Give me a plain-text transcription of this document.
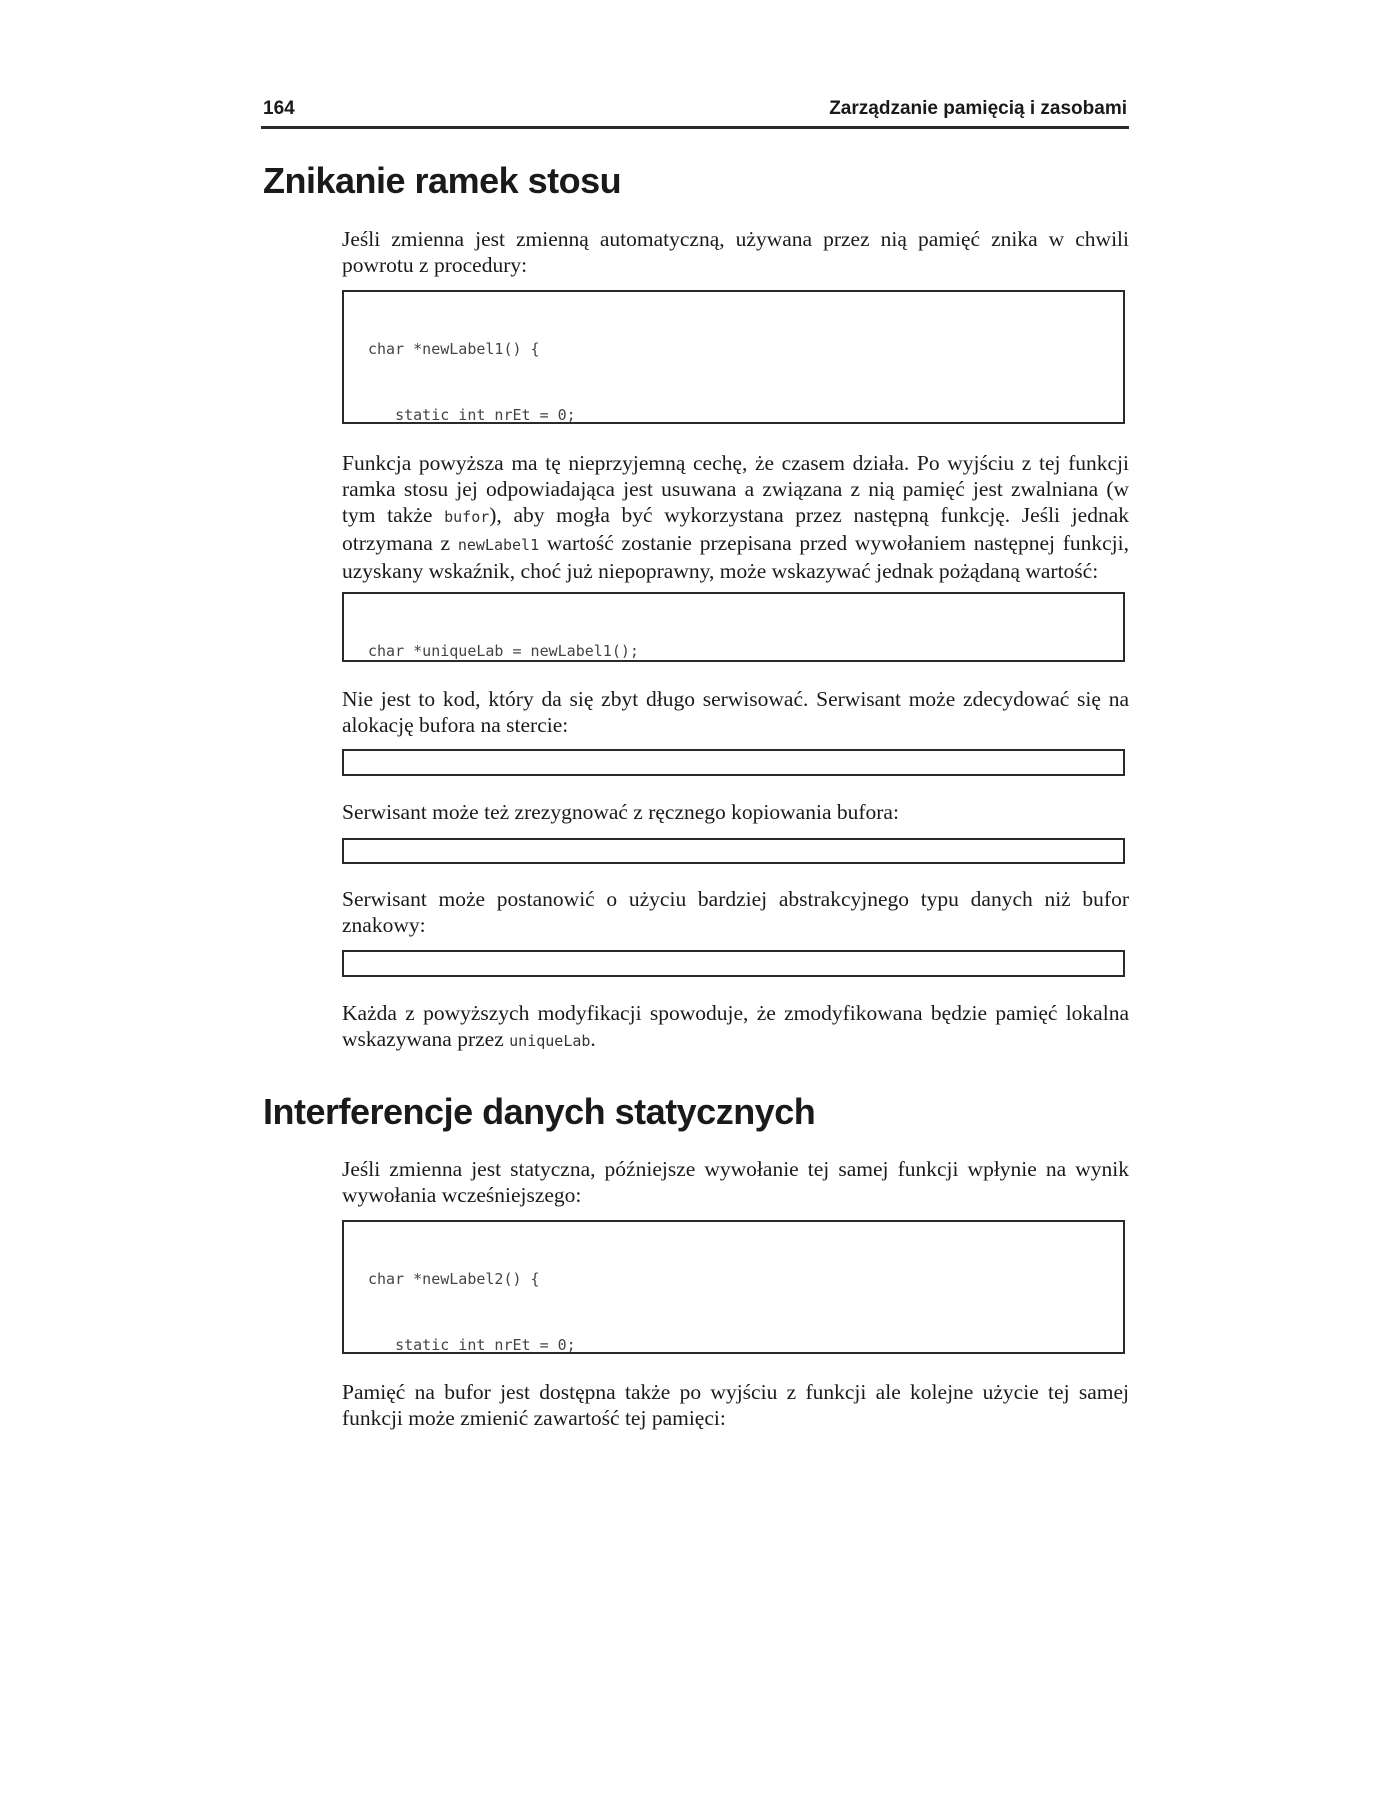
164	Zarządzanie pamięcią i zasobami
Znikanie ramek stosu

Jeśli zmienna jest zmienną automatyczną, używana przez nią pamięć znika w chwili powrotu z procedury:

char *newLabel1() {

static int nrEt = 0;

Funkcja powyższa ma tę nieprzyjemną cechę, że czasem działa. Po wyjściu z tej funkcji ramka stosu jej odpowiadająca jest usuwana a związana z nią pamięć jest zwalniana (w tym także bufor), aby mogła być wykorzystana przez następną funkcję. Jeśli jednak otrzymana z newLabel1 wartość zostanie przepisana przed wywołaniem następnej funkcji, uzyskany wskaźnik, choć już niepoprawny, może wskazywać jednak pożądaną wartość:

char *uniqueLab = newLabel1();

Nie jest to kod, który da się zbyt długo serwisować. Serwisant może zdecydować się na alokację bufora na stercie:

Serwisant może też zrezygnować z ręcznego kopiowania bufora:

Serwisant może postanowić o użyciu bardziej abstrakcyjnego typu danych niż bufor znakowy:

Każda z powyższych modyfikacji spowoduje, że zmodyfikowana będzie pamięć lokalna wskazywana przez uniqueLab.

Interferencje danych statycznych

Jeśli zmienna jest statyczna, późniejsze wywołanie tej samej funkcji wpłynie na wynik wywołania wcześniejszego:

char *newLabel2() {

static int nrEt = 0;

Pamięć na bufor jest dostępna także po wyjściu z funkcji ale kolejne użycie tej samej funkcji może zmienić zawartość tej pamięci:
